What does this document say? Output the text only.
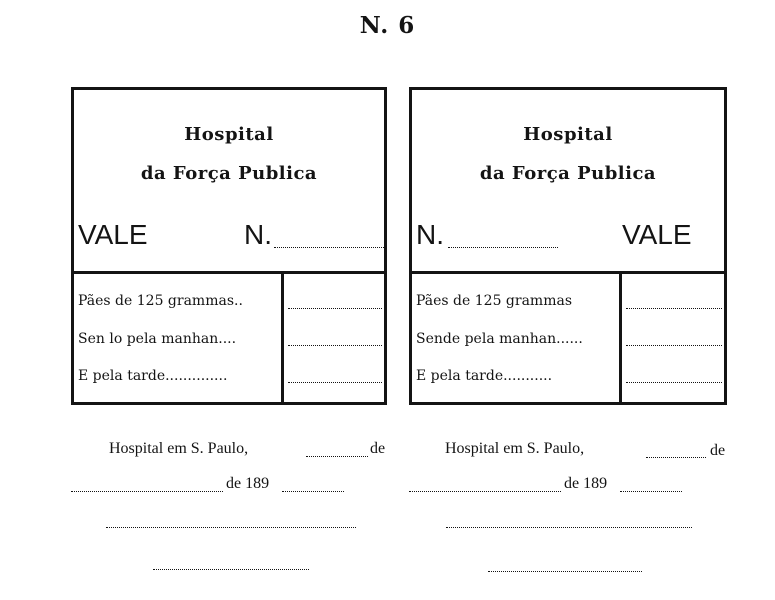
N. 6
Hospital
da Força Publica
VALE	N.
Pães de 125 grammas..
Sen lo pela manhan....
E pela tarde..............
Hospital
da Força Publica
N.	VALE
Pães de 125 grammas
Sende pela manhan......
E pela tarde...........
Hospital em S. Paulo,	de
de 189
Hospital em S. Paulo,	de
de 189
